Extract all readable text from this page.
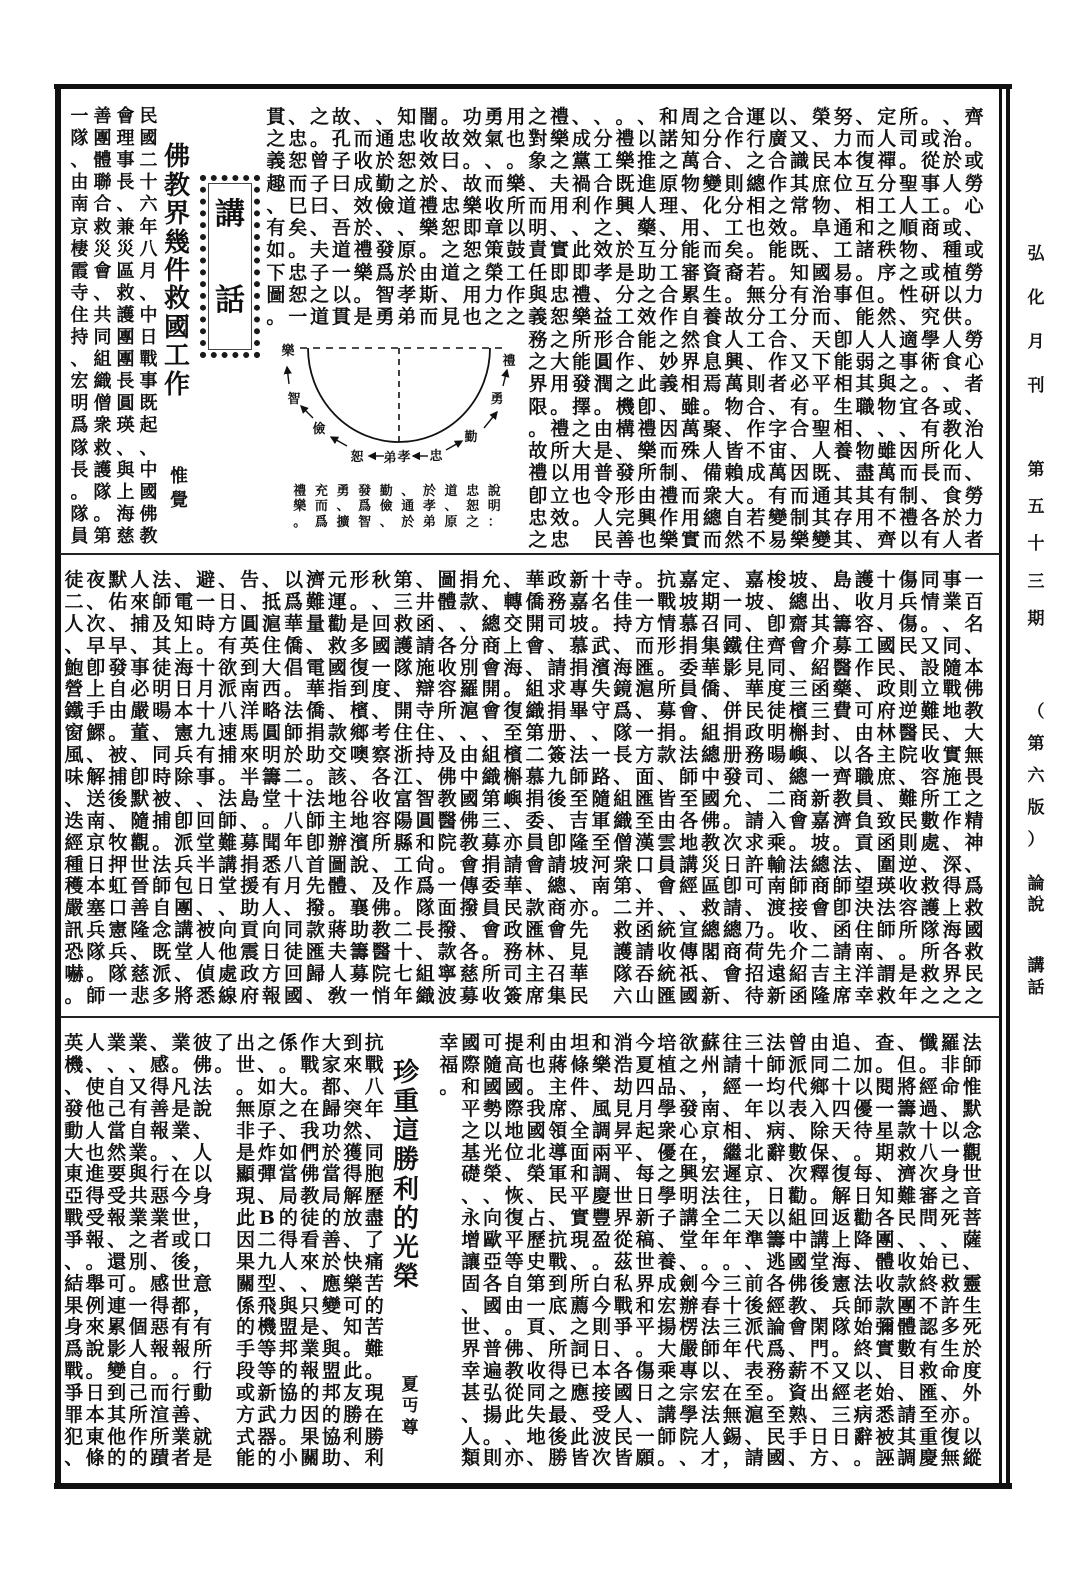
弘
化
月
刊
第
五
十
三
期
（
第
六
版
）
論
說
講
話
民
國
二
十
六
年
八
月
、
中
日
戰
事
既
起
、
中
國
佛
教
會
理
事
長
、
兼
災
區
救
護
團
團
長
圓
瑛
、
與
上
海
慈
善
團
體
聯
合
救
災
會
、
共
同
組
織
僧
衆
救
護
隊
。
第
一
隊
、
由
南
京
棲
霞
寺
住
持
、
宏
明
爲
隊
長
。
隊
員
佛
教
界
幾
件
救
國
工
作
惟
覺
講
話
貫 、 之 故 、 、 知 闇 。 功 勇 用 之 禮 、 、 。 、 和 周 之 合 運 以 、 榮 努 、 定 所 。 、 齊
之 忠 。 孔 而 通 忠 收 故 效 氣 也 對 樂 成 分 禮 以 諾 知 分 作 行 廣 又 、 力 而 人 司 或 治 。
義 恕 曾 子 收 於 恕 效 曰 。 、 。 象 之 黨 工 樂 推 之 萬 合 、 之 合 識 民 本 復 禪 。 從 於 或
趣 而 子 曰 成 勤 之 於 、 故 而 樂 、 夫 禍 合 既 進 原 物 變 則 總 作 其 庶 位 互 分 聖 事 人 勞
、 巳 曰 、 效 儉 道 禮 忠 樂 收 所 而 用 利 作 興 人 理 、 化 分 相 之 常 物 、 相 工 人 工 。 心
有 矣 、 吾 於 、 、 樂 恕 即 章 以 明 、 、 之 、 藥 、 用 、 工 也 效 。 阜 通 和 之 順 商 或 、
如 。 夫 道 禮 發 原 。 之 恕 策 鼓 責 實 此 效 於 互 分 能 而 矣 。 能 既 、 工 諸 秩 物 、 種 或
下 忠 子 一 樂 爲 於 由 道 之 榮 工 任 即 即 孝 是 助 工 審 資 裔 若 。 知 國 易 。 序 之 或 植 勞
圖 恕 之 以 。 智 孝 斯 、 用 力 作 與 忠 禮 、 分 之 合 累 生 。 無 分 有 治 事 但 。 性 研 以 力
。 一 道 貫 是 勇 弟 而 見 也 之 之 義 恕 樂 益 工 效 作 自 養 故 分 工 分 而 、 能 然 、 究 供 。
務 之 所 形 合 能 之 然 食 人 工 合 、 天 卽 人 人 適 學 人 勞
之 大 能 圓 作 、 妙 界 息 興 、 作 又 下 能 弱 之 事 術 食 心
界 用 發 潤 之 此 義 相 焉 萬 則 者 必 平 相 其 與 之 。 、 者
限 。 擇 。 機 卽 、 雖 。 物 合 、 有 。 生 職 物 宜 各 或 、
。 禮 之 由 構 禮 因 萬 聚 、 作 字 合 聖 相 、 、 、 有 教 治
故 所 大 是 、 樂 而 殊 人 皆 不 宙 、 人 養 物 雖 因 所 化 人
禮 以 用 普 發 所 制 、 備 賴 成 萬 因 既 、 盡 萬 而 長 而 、
卽 立 也 令 形 由 禮 而 衆 大 。 有 而 通 其 其 有 制 、 食 勞
忠 效 。 人 完 興 作 用 總 自 若 變 制 其 存 用 不 禮 各 於 力
之 忠
　 民 善 也 樂 實 而 然 不 易 樂 變 其 、 齊 以 有 人 者
樂
智
儉
恕 弟 孝 忠
勤
勇
禮
說
明
：
忠
恕
之
道
、
原
於
孝
弟
、
通
於
勤
儉
、
發
爲
智
勇
、
擴
充
而
爲
禮
樂
。
徒 夜 默 人 法 、 避 、 告 、 以 濟 元 形 秋 第 、 圖 捐 允 、 華 政 新 十 寺 。 抗 嘉 定 、 嘉 梭 坡 、 島 護 十 傷 同 事 一
二 、 佑 來 師 電 一 日 、 抵 爲 難 運 。 、 三 井 體 款 、 轉 僑 務 嘉 名 佳 一 戰 坡 期 一 坡 、 總 出 、 收 月 兵 情 業 百
人 次 、 捕 及 知 時 方 圓 滬 華 量 勸 是 回 救 函 、 、 總 交 開 司 坡 。 持 方 情 慕 召 同 、 卽 齋 其 籌 容 、 傷 。 、 名
、 早 早 、 其 上 。 有 英 住 僑 、 救 多 國 護 請 各 分 商 上 會 、 慕 武 、 而 形 捐 集 鐵 住 齊 會 介 募 工 國 民 又 同 、
鮑 卽 發 事 徒 海 十 欲 到 大 倡 電 國 復 一 隊 施 收 別 會 海 、 請 捐 濱 海 匯 。 委 華 影 見 同 、 紹 醫 作 民 、 設 隨 本
營 上 自 必 明 日 月 派 南 西 。 華 指 到 度 、 辯 容 羅 開 。 組 求 專 失 鏡 滬 所 員 僑 、 華 度 三 函 藥 、 政 則 立 戰 佛
鐵 手 由 嚴 暘 本 十 八 洋 略 法 僑 、 檳 、 開 寺 所 滬 會 復 織 捐 畢 守 爲 、 募 會 、 併 民 徒 檳 三 費 可 府 逆 難 地 教
窗 鰥 。 董 、 憲 九 速 馬 圓 師 捐 款 鄉 考 住 住 、 、 、 至 第 册 、 、 隊 一 捐 。 組 捐 政 明 槲 封 、 由 林 醫 民 、 大
風 、 被 、 同 兵 有 捕 來 明 於 助 交 噢 察 浙 持 及 由 組 檳 二 簽 法 一 長 方 款 法 總 册 務 暘 嶼 、 以 各 主 院 收 實 無
味 解 捕 卽 時 除 事 。 半 籌 二 。 該 、 各 江 、 佛 中 織 槲 慕 九 師 路 、 面 、 師 中 發 司 、 總 一 齊 職 庶 、 容 施 畏
、 送 後 默 被 、 、 法 島 堂 十 法 地 谷 收 富 智 教 國 第 嶼 捐 後 至 隨 組 匯 皆 至 國 允 、 二 商 新 教 員 、 難 所 工 之
迭 南 、 隨 捕 卽 回 師 、 。 八 師 主 地 容 陽 圓 醫 佛 三 、 委 、 吉 軍 織 至 由 各 佛 。 請 入 會 嘉 濟 負 致 民 數 作 精
經 京 牧 觀 。 派 堂 難 募 聞 年 卽 辦 濱 所 縣 和 院 教 募 亦 員 卽 隆 至 僧 漢 雲 地 教 次 求 乘 。 坡 。 貢 函 則 處 、 神
種 日 押 世 法 兵 半 講 捐 悉 八 首 圖 說 、 工 尙 。 會 捐 請 會 請 坡 河 衆 口 員 講 災 日 許 輸 法 總 法 、 圍 逆 、 深 、
穫 本 虹 晉 師 包 日 堂 援 有 月 先 體 、 及 作 爲 一 傳 委 華 、 總 、 南 第 、 會 經 區 卽 可 南 師 商 師 望 瑛 收 救 得 爲
嚴 塞 口 善 自 團 、 、 助 人 、 撥 。 襄 佛 。 隊 面 撥 員 民 款 商 亦 。 二 并 、 、 救 請 、 渡 接 會 卽 決 法 容 護 上 救
訊 兵 憲 隆 念 講 被 向 貢 向 同 款 蔣 助 教 二 長 撥 、 會 政 匯 會 先
　 救 函 統 宣 總 總 乃 。 收 、 函 住 師 所 隊 海 國
恐 隊 兵 、 既 堂 人 他 震 日 徒 匯 夫 籌 醫 十 、 款 各 。 務 林 、 見
　 護 請 收 傳 閣 商 荷 先 介 二 請 南 、 。 所 各 救
嚇 。 隊 慈 派 、 偵 處 政 方 回 歸 人 募 院 七 組 寧 慈 所 司 主 召 華
　 隊 吞 統 祇 、 會 招 遠 紹 吉 主 洋 謂 是 救 界 民
。 師 一 悲 多 將 悉 線 府 報 國 、 敎 一 悄 年 織 波 募 收 簽 席 集 民
　 六 山 匯 國 新 、 待 新 函 隆 席 幸 救 年 之 之 之
英 人 業 業 、 業 彼 了 出 之 係 作 大 到 抗
機 、 、 、 感 。 佛 。 世 、 。 戰 家 來 戰
、 使 自 又 得 凡 法
　 。 如 大 。 都 、 八
發 他 己 有 善 是 說
　 無 原 之 在 歸 突 年
動 人 當 自 報 業 、
　 非 子 、 我 功 然 、
大 也 然 業 。 、 人
　 是 炸 如 們 於 獲 同
東 進 要 與 行 在 以
　 顯 彈 當 佛 當 得 胞
亞 得 受 共 惡 今 身
　 現 、 局 教 局 解 歷
戰 受 報 業 業 世 ，
　 此 B 的 徒 的 放 盡
爭 報 、 之 者 或 口
　 因 二 得 看 善 、 了
、 。 還 別 、 後 ，
　 果 九 人 來 於 快 痛
結 舉 可 。 感 世 意
　 關 型 、 、 應 樂 苦
果 例 連 一 得 都 ，
　 係 飛 與 只 變 可 的
身 來 累 個 惡 有 有
　 的 機 盟 是 、 知 苦
爲 說 影 人 報 報 所
　 手 等 邦 業 與 。 難
戰 。 變 自 。 。 行
　 段 等 的 報 盟 此 。
爭 日 到 己 而 行 動
　 或 新 協 的 邦 友 現
罪 本 其 所 渲 善 、
　 方 武 力 因 的 勝 在
犯 東 他 作 所 業 就
　 式 器 。 果 協 利 勝
、 條 的 的 蹟 者 是
　 能 的 小 關 助 、 利
珍
重
這
勝
利
的
光
榮
夏
丏
尊
幸 國 可 提 利 由 坦 和 消 今 培 欲 蘇 往 三 法 曾 由 追 、 查 、 懺 羅 法
福 際 隨 高 也 蔣 條 樂 浩 夏 植 之 州 請 十 師 派 同 二 加 。 但 。 非 師
。 和 國 國 。 主 件 、 劫 四 品 、 ， 經 一 均 代 鄉 十 以 閱 將 經 命 惟

平 勢 際 我 席 、 風 見 月 學 發 南 、 年 以 表 入 四 優 一 籌 過 、 默

之 以 地 國 領 全 調 昇 起 衆 心 京 相 、 病 、 除 天 待 星 款 十 以 念

基 光 位 北 導 面 兩 平 、 優 在 ， 繼 北 辭 數 保 、 。 期 救 八 一 觀

礎 榮 、 榮 軍 和 調 、 每 之 興 宏 遲 京 、 次 釋 復 每 、 濟 次 身 世

、 、 恢 、 民 平 慶 世 日 學 明 法 往 ， 日 勸 。 解 日 知 難 審 之 音

永 向 復 占 、 實 豐 界 新 子 講 全 二 天 以 組 回 返 勸 各 民 問 死 菩

增 歐 平 歷 抗 現 盈 從 稿 、 堂 年 年 準 籌 中 講 上 降 團 、 、 、 薩

讓 亞 等 史 戰 、 。 茲 世 養 、 。 。 、 逃 國 堂 海 、 體 收 始 已 、

固 各 自 第 到 所 白 私 界 成 劍 今 三 前 各 佛 後 憲 法 收 款 終 救 靈

、 國 由 一 底 薦 今 戰 和 宏 辦 春 十 後 經 教 、 兵 師 款 團 不 許 生

世 、 。 頁 、 之 則 爭 平 揚 楞 法 三 派 論 會 閑 隊 始 彌 體 認 多 死

界 普 佛 、 所 詞 日 、 。 大 嚴 師 年 代 爲 、 門 。 終 實 數 有 生 於

幸 遍 教 收 得 已 本 各 傷 乘 專 以 、 表 務 薪 不 又 以 、 目 救 命 度

甚 弘 從 同 之 應 接 國 日 之 宗 宏 在 至 。 資 出 經 老 始 、 匯 、 外

、 揚 此 失 最 、 受 人 、 講 學 法 無 滬 至 熟 、 三 病 悉 請 至 亦 。

人 。 、 地 後 此 波 民 一 師 院 人 錫 、 民 手 日 日 辭 被 其 重 復 以

類 則 亦 、 勝 皆 次 皆 願 。 、 才 ， 請 國 、 方 、 。 誣 調 慶 無 縱
